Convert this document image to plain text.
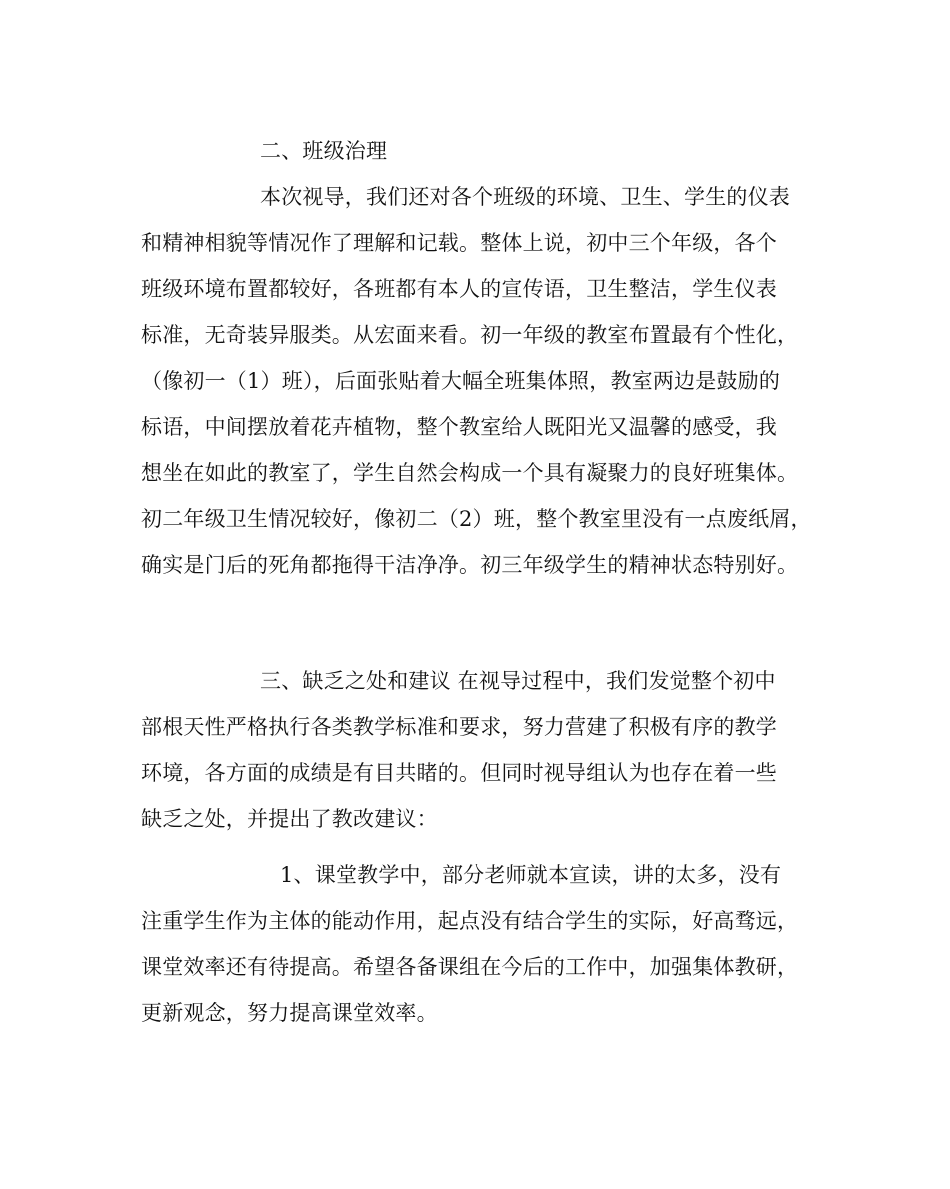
二、班级治理
本次视导，我们还对各个班级的环境、卫生、学生的仪表
和精神相貌等情况作了理解和记载。整体上说，初中三个年级，各个
班级环境布置都较好，各班都有本人的宣传语，卫生整洁，学生仪表
标准，无奇装异服类。从宏面来看。初一年级的教室布置最有个性化，
（像初一（1）班），后面张贴着大幅全班集体照，教室两边是鼓励的
标语，中间摆放着花卉植物，整个教室给人既阳光又温馨的感受，我
想坐在如此的教室了，学生自然会构成一个具有凝聚力的良好班集体。
初二年级卫生情况较好，像初二（2）班，整个教室里没有一点废纸屑，
确实是门后的死角都拖得干洁净净。初三年级学生的精神状态特别好。
三、缺乏之处和建议 在视导过程中，我们发觉整个初中
部根天性严格执行各类教学标准和要求，努力营建了积极有序的教学
环境，各方面的成绩是有目共睹的。但同时视导组认为也存在着一些
缺乏之处，并提出了教改建议：
1、课堂教学中，部分老师就本宣读，讲的太多，没有
注重学生作为主体的能动作用，起点没有结合学生的实际，好高骛远，
课堂效率还有待提高。希望各备课组在今后的工作中，加强集体教研，
更新观念，努力提高课堂效率。
